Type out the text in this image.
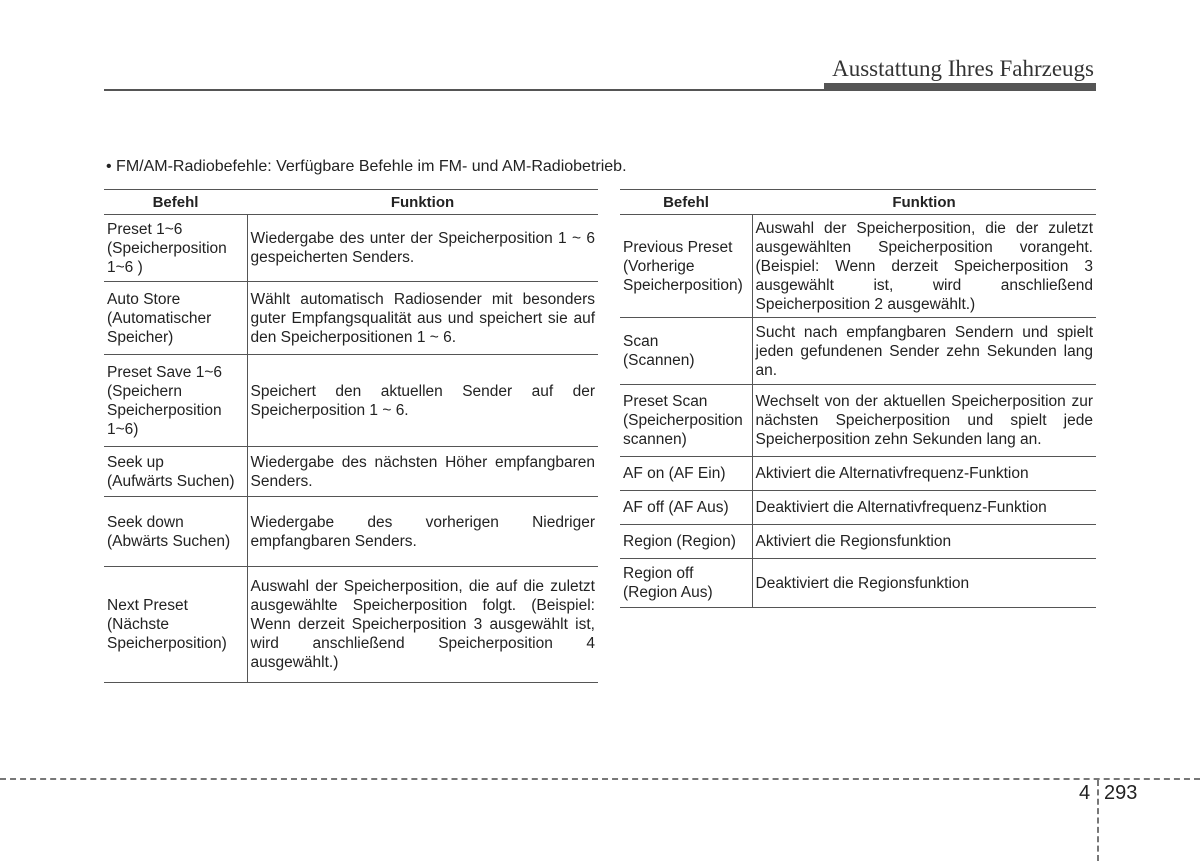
Ausstattung Ihres Fahrzeugs
• FM/AM-Radiobefehle: Verfügbare Befehle im FM- und AM-Radiobetrieb.
Befehl	Funktion
Preset 1~6
(Speicherposition 1~6 )	Wiedergabe des unter der Speicherposition 1 ~ 6 gespeicherten Senders.
Auto Store
(Automatischer Speicher)	Wählt automatisch Radiosender mit besonders guter Empfangsqualität aus und speichert sie auf den Speicherpositionen 1 ~ 6.
Preset Save 1~6
(Speichern Speicherposition 1~6)	Speichert den aktuellen Sender auf der Speicherposition 1 ~ 6.
Seek up
(Aufwärts Suchen)	Wiedergabe des nächsten Höher empfangbaren Senders.
Seek down
(Abwärts Suchen)	Wiedergabe des vorherigen Niedriger empfangbaren Senders.
Next Preset
(Nächste Speicherposition)	Auswahl der Speicherposition, die auf die zuletzt ausgewählte Speicherposition folgt. (Beispiel: Wenn derzeit Speicherposition 3 ausgewählt ist, wird anschließend Speicherposition 4 ausgewählt.)
Befehl	Funktion
Previous Preset
(Vorherige Speicherposition)	Auswahl der Speicherposition, die der zuletzt ausgewählten Speicherposition vorangeht. (Beispiel: Wenn derzeit Speicherposition 3 ausgewählt ist, wird anschließend Speicherposition 2 ausgewählt.)
Scan
(Scannen)	Sucht nach empfangbaren Sendern und spielt jeden gefundenen Sender zehn Sekunden lang an.
Preset Scan
(Speicherposition scannen)	Wechselt von der aktuellen Speicherposition zur nächsten Speicherposition und spielt jede Speicherposition zehn Sekunden lang an.
AF on (AF Ein)	Aktiviert die Alternativfrequenz-Funktion
AF off (AF Aus)	Deaktiviert die Alternativfrequenz-Funktion
Region (Region)	Aktiviert die Regionsfunktion
Region off
(Region Aus)	Deaktiviert die Regionsfunktion
4 293
